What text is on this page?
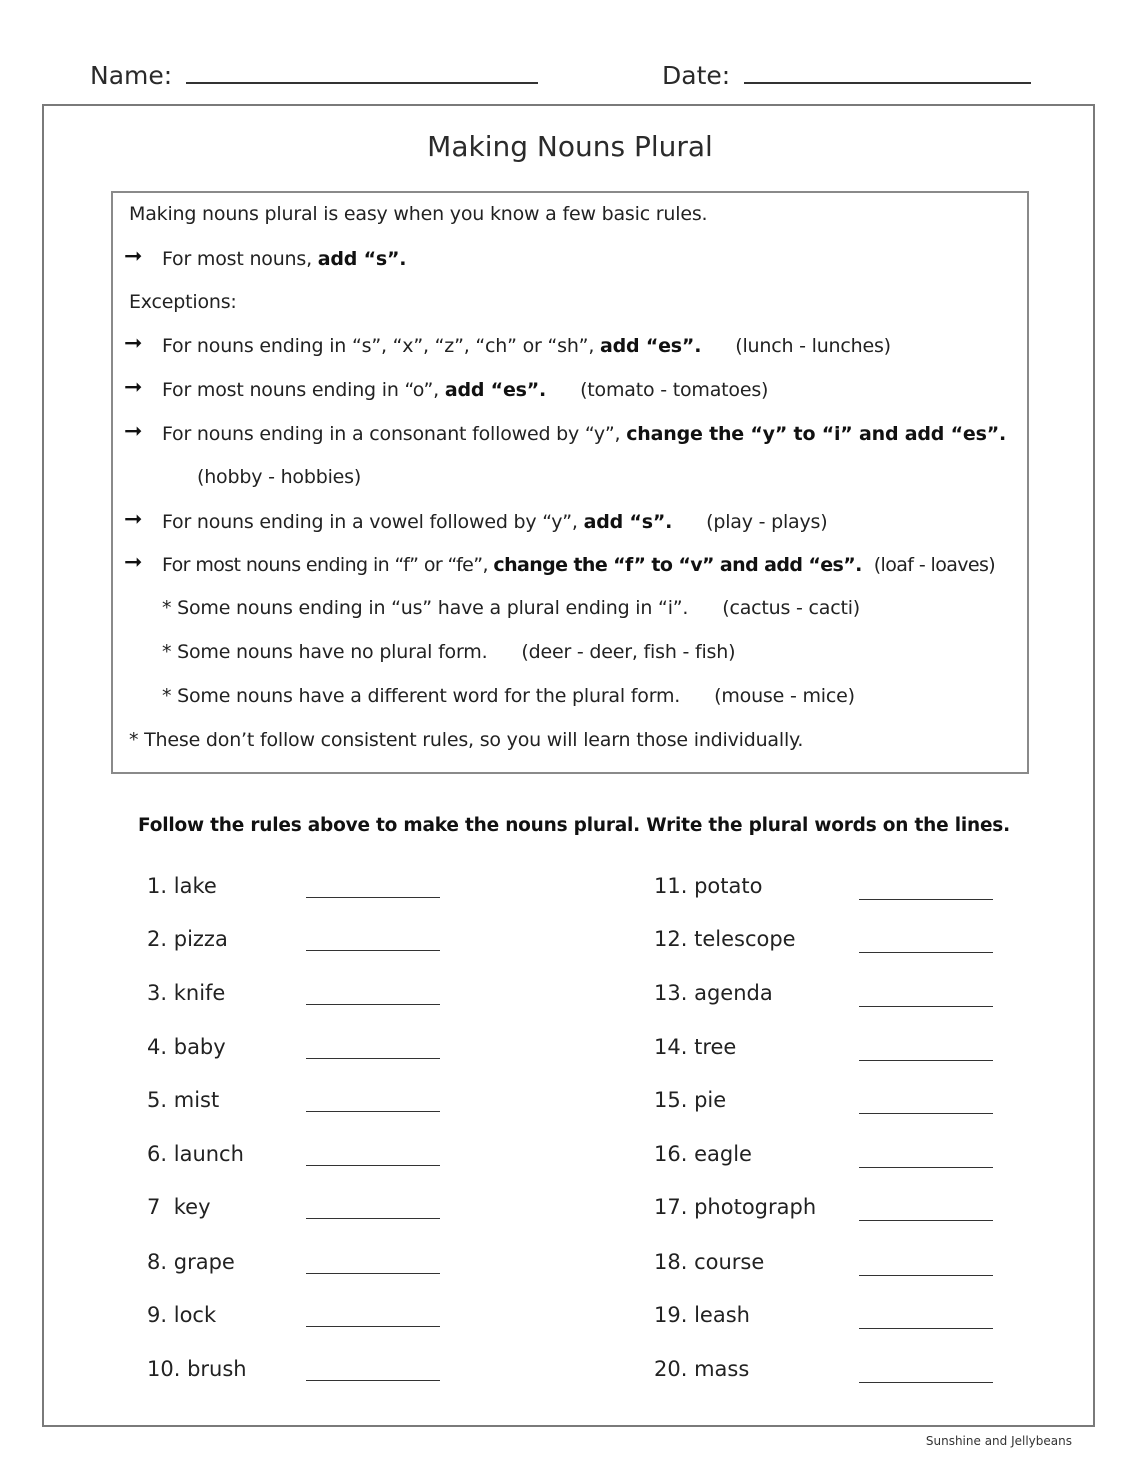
Name:	Date:
Making Nouns Plural
Making nouns plural is easy when you know a few basic rules.
➞ For most nouns, add “s”.
Exceptions:
➞ For nouns ending in “s”, “x”, “z”, “ch” or “sh”, add “es”. (lunch - lunches)
➞ For most nouns ending in “o”, add “es”. (tomato - tomatoes)
➞ For nouns ending in a consonant followed by “y”, change the “y” to “i” and add “es”.
(hobby - hobbies)
➞ For nouns ending in a vowel followed by “y”, add “s”. (play - plays)
➞ For most nouns ending in “f” or “fe”, change the “f” to “v” and add “es”. (loaf - loaves)
* Some nouns ending in “us” have a plural ending in “i”. (cactus - cacti)
* Some nouns have no plural form. (deer - deer, fish - fish)
* Some nouns have a different word for the plural form. (mouse - mice)
* These don’t follow consistent rules, so you will learn those individually.
Follow the rules above to make the nouns plural. Write the plural words on the lines.
1. lake
2. pizza
3. knife
4. baby
5. mist
6. launch
7 key
8. grape
9. lock
10. brush
11. potato
12. telescope
13. agenda
14. tree
15. pie
16. eagle
17. photograph
18. course
19. leash
20. mass
Sunshine and Jellybeans
